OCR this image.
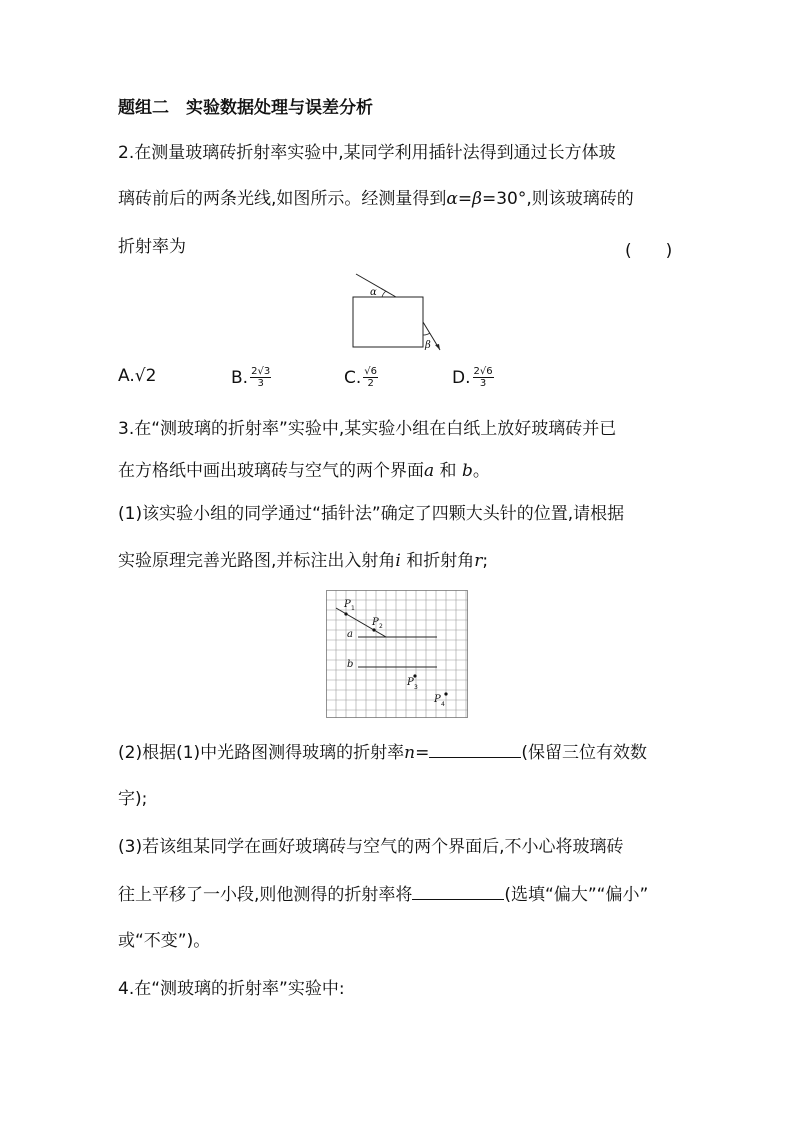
题组二　实验数据处理与误差分析
2.在测量玻璃砖折射率实验中,某同学利用插针法得到通过长方体玻
璃砖前后的两条光线,如图所示。经测量得到α=β=30°,则该玻璃砖的
折射率为	(　　)
α
β
A. √2	B. $\frac{2√3}{3}$	C. $\frac{√6}{2}$	D. $\frac{2√6}{3}$
3.在“测玻璃的折射率”实验中,某实验小组在白纸上放好玻璃砖并已
在方格纸中画出玻璃砖与空气的两个界面a 和 b。
(1)该实验小组的同学通过“插针法”确定了四颗大头针的位置,请根据
实验原理完善光路图,并标注出入射角i 和折射角r;
P 1
P 2
P 3
P 4
a
b
(2)根据(1)中光路图测得玻璃的折射率n=	(保留三位有效数
字);
(3)若该组某同学在画好玻璃砖与空气的两个界面后,不小心将玻璃砖
往上平移了一小段,则他测得的折射率将	(选填“偏大”“偏小”
或“不变”)。
4.在“测玻璃的折射率”实验中:
